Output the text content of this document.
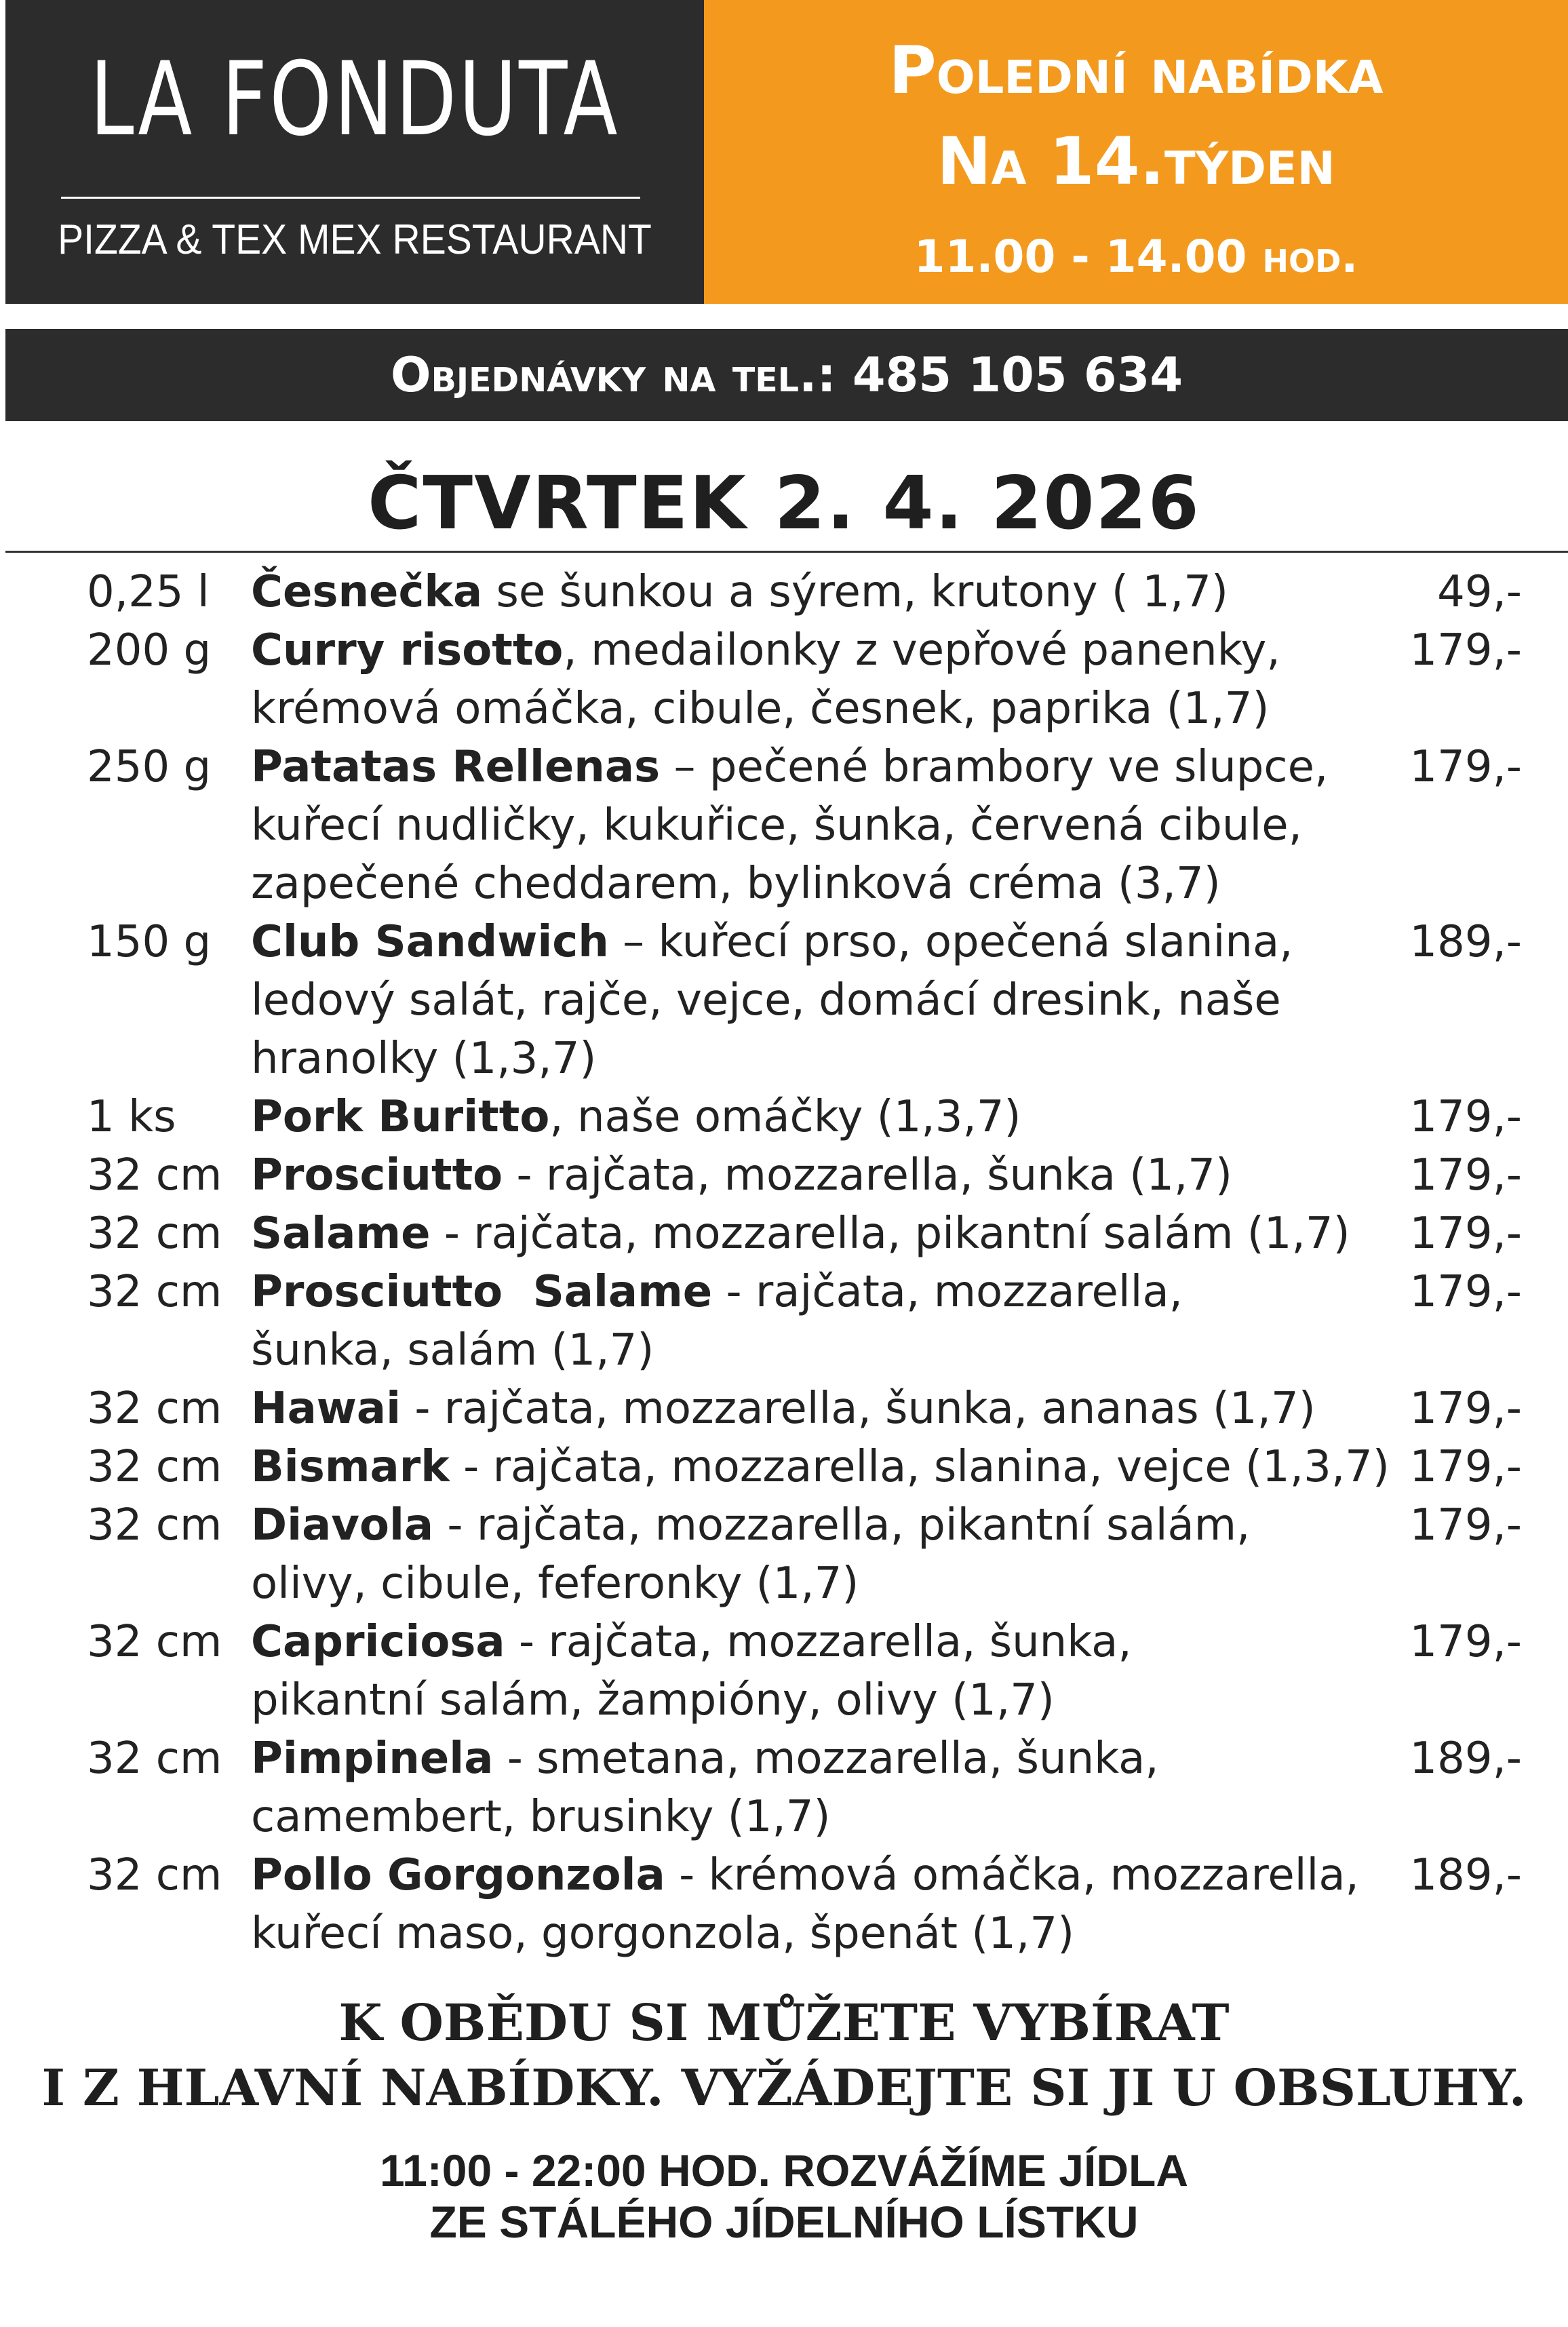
LA FONDUTA
PIZZA & TEX MEX RESTAURANT
Polední nabídka
Na 14.týden
11.00 - 14.00 hod.
Objednávky na tel.: 485 105 634
ČTVRTEK 2. 4. 2026
0,25 l Česnečka se šunkou a sýrem, krutony ( 1,7)	49,-
200 g Curry risotto, medailonky z vepřové panenky,	179,-
krémová omáčka, cibule, česnek, paprika (1,7)
250 g Patatas Rellenas – pečené brambory ve slupce, 179,-
kuřecí nudličky, kukuřice, šunka, červená cibule,
zapečené cheddarem, bylinková créma (3,7)
150 g Club Sandwich – kuřecí prso, opečená slanina,	189,-
ledový salát, rajče, vejce, domácí dresink, naše
hranolky (1,3,7)
1 ks Pork Buritto, naše omáčky (1,3,7)	179,-
32 cm Prosciutto - rajčata, mozzarella, šunka (1,7)	179,-
32 cm Salame - rajčata, mozzarella, pikantní salám (1,7) 179,-
32 cm Prosciutto  Salame - rajčata, mozzarella,	179,-
šunka, salám (1,7)
32 cm Hawai - rajčata, mozzarella, šunka, ananas (1,7) 179,-
32 cm Bismark - rajčata, mozzarella, slanina, vejce (1,3,7) 179,-
32 cm Diavola - rajčata, mozzarella, pikantní salám,	179,-
olivy, cibule, feferonky (1,7)
32 cm Capriciosa - rajčata, mozzarella, šunka,	179,-
pikantní salám, žampióny, olivy (1,7)
32 cm Pimpinela - smetana, mozzarella, šunka,	189,-
camembert, brusinky (1,7)
32 cm Pollo Gorgonzola - krémová omáčka, mozzarella, 189,-
kuřecí maso, gorgonzola, špenát (1,7)
K OBĚDU SI MŮŽETE VYBÍRAT
I Z HLAVNÍ NABÍDKY. VYŽÁDEJTE SI JI U OBSLUHY.
11:00 - 22:00 HOD. ROZVÁŽÍME JÍDLA
ZE STÁLÉHO JÍDELNÍHO LÍSTKU
